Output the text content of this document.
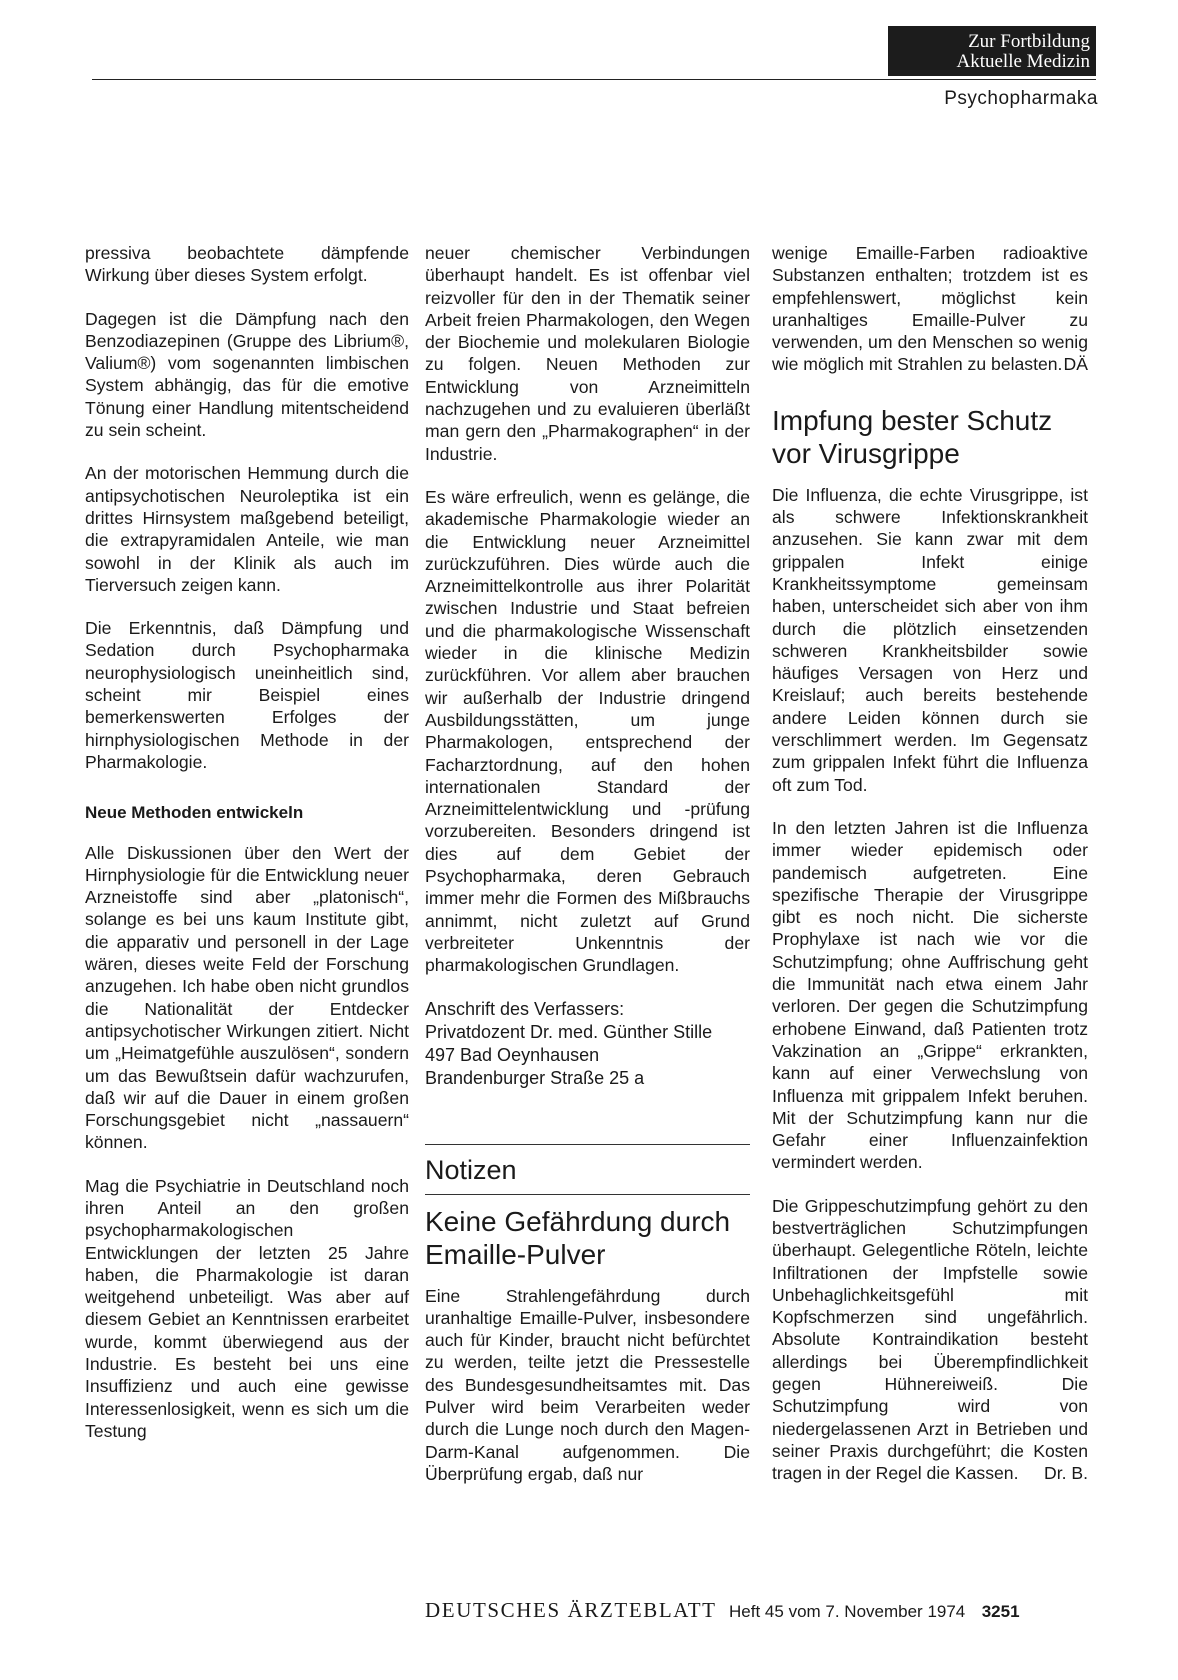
Zur Fortbildung
Aktuelle Medizin
Psychopharmaka

pressiva beobachtete dämpfende Wirkung über dieses System erfolgt.

Dagegen ist die Dämpfung nach den Benzodiazepinen (Gruppe des Librium®, Valium®) vom sogenannten limbischen System abhängig, das für die emotive Tönung einer Handlung mitentscheidend zu sein scheint.

An der motorischen Hemmung durch die antipsychotischen Neuroleptika ist ein drittes Hirnsystem maßgebend beteiligt, die extrapyramidalen Anteile, wie man sowohl in der Klinik als auch im Tierversuch zeigen kann.

Die Erkenntnis, daß Dämpfung und Sedation durch Psychopharmaka neurophysiologisch uneinheitlich sind, scheint mir Beispiel eines bemerkenswerten Erfolges der hirnphysiologischen Methode in der Pharmakologie.

Neue Methoden entwickeln

Alle Diskussionen über den Wert der Hirnphysiologie für die Entwicklung neuer Arzneistoffe sind aber „platonisch“, solange es bei uns kaum Institute gibt, die apparativ und personell in der Lage wären, dieses weite Feld der Forschung anzugehen. Ich habe oben nicht grundlos die Nationalität der Entdecker antipsychotischer Wirkungen zitiert. Nicht um „Heimatgefühle auszulösen“, sondern um das Bewußtsein dafür wachzurufen, daß wir auf die Dauer in einem großen Forschungsgebiet nicht „nassauern“ können.

Mag die Psychiatrie in Deutschland noch ihren Anteil an den großen psychopharmakologischen Entwicklungen der letzten 25 Jahre haben, die Pharmakologie ist daran weitgehend unbeteiligt. Was aber auf diesem Gebiet an Kenntnissen erarbeitet wurde, kommt überwiegend aus der Industrie. Es besteht bei uns eine Insuffizienz und auch eine gewisse Interessenlosigkeit, wenn es sich um die Testung

neuer chemischer Verbindungen überhaupt handelt. Es ist offenbar viel reizvoller für den in der Thematik seiner Arbeit freien Pharmakologen, den Wegen der Biochemie und molekularen Biologie zu folgen. Neuen Methoden zur Entwicklung von Arzneimitteln nachzugehen und zu evaluieren überläßt man gern den „Pharmakographen“ in der Industrie.

Es wäre erfreulich, wenn es gelänge, die akademische Pharmakologie wieder an die Entwicklung neuer Arzneimittel zurückzuführen. Dies würde auch die Arzneimittelkontrolle aus ihrer Polarität zwischen Industrie und Staat befreien und die pharmakologische Wissenschaft wieder in die klinische Medizin zurückführen. Vor allem aber brauchen wir außerhalb der Industrie dringend Ausbildungsstätten, um junge Pharmakologen, entsprechend der Facharztordnung, auf den hohen internationalen Standard der Arzneimittelentwicklung und -prüfung vorzubereiten. Besonders dringend ist dies auf dem Gebiet der Psychopharmaka, deren Gebrauch immer mehr die Formen des Mißbrauchs annimmt, nicht zuletzt auf Grund verbreiteter Unkenntnis der pharmakologischen Grundlagen.

Anschrift des Verfassers:
Privatdozent Dr. med. Günther Stille
497 Bad Oeynhausen
Brandenburger Straße 25 a
Notizen
Keine Gefährdung durch Emaille-Pulver

Eine Strahlengefährdung durch uranhaltige Emaille-Pulver, insbesondere auch für Kinder, braucht nicht befürchtet zu werden, teilte jetzt die Pressestelle des Bundesgesundheitsamtes mit. Das Pulver wird beim Verarbeiten weder durch die Lunge noch durch den Magen-Darm-Kanal aufgenommen. Die Überprüfung ergab, daß nur

wenige Emaille-Farben radioaktive Substanzen enthalten; trotzdem ist es empfehlenswert, möglichst kein uranhaltiges Emaille-Pulver zu verwenden, um den Menschen so wenig wie möglich mit Strahlen zu belasten. DÄ

Impfung bester Schutz vor Virusgrippe

Die Influenza, die echte Virusgrippe, ist als schwere Infektionskrankheit anzusehen. Sie kann zwar mit dem grippalen Infekt einige Krankheitssymptome gemeinsam haben, unterscheidet sich aber von ihm durch die plötzlich einsetzenden schweren Krankheitsbilder sowie häufiges Versagen von Herz und Kreislauf; auch bereits bestehende andere Leiden können durch sie verschlimmert werden. Im Gegensatz zum grippalen Infekt führt die Influenza oft zum Tod.

In den letzten Jahren ist die Influenza immer wieder epidemisch oder pandemisch aufgetreten. Eine spezifische Therapie der Virusgrippe gibt es noch nicht. Die sicherste Prophylaxe ist nach wie vor die Schutzimpfung; ohne Auffrischung geht die Immunität nach etwa einem Jahr verloren. Der gegen die Schutzimpfung erhobene Einwand, daß Patienten trotz Vakzination an „Grippe“ erkrankten, kann auf einer Verwechslung von Influenza mit grippalem Infekt beruhen. Mit der Schutzimpfung kann nur die Gefahr einer Influenzainfektion vermindert werden.

Die Grippeschutzimpfung gehört zu den bestverträglichen Schutzimpfungen überhaupt. Gelegentliche Röteln, leichte Infiltrationen der Impfstelle sowie Unbehaglichkeitsgefühl mit Kopfschmerzen sind ungefährlich. Absolute Kontraindikation besteht allerdings bei Überempfindlichkeit gegen Hühnereiweiß. Die Schutzimpfung wird von niedergelassenen Arzt in Betrieben und seiner Praxis durchgeführt; die Kosten tragen in der Regel die Kassen. Dr. B.

DEUTSCHES ÄRZTEBLATT Heft 45 vom 7. November 1974 3251
